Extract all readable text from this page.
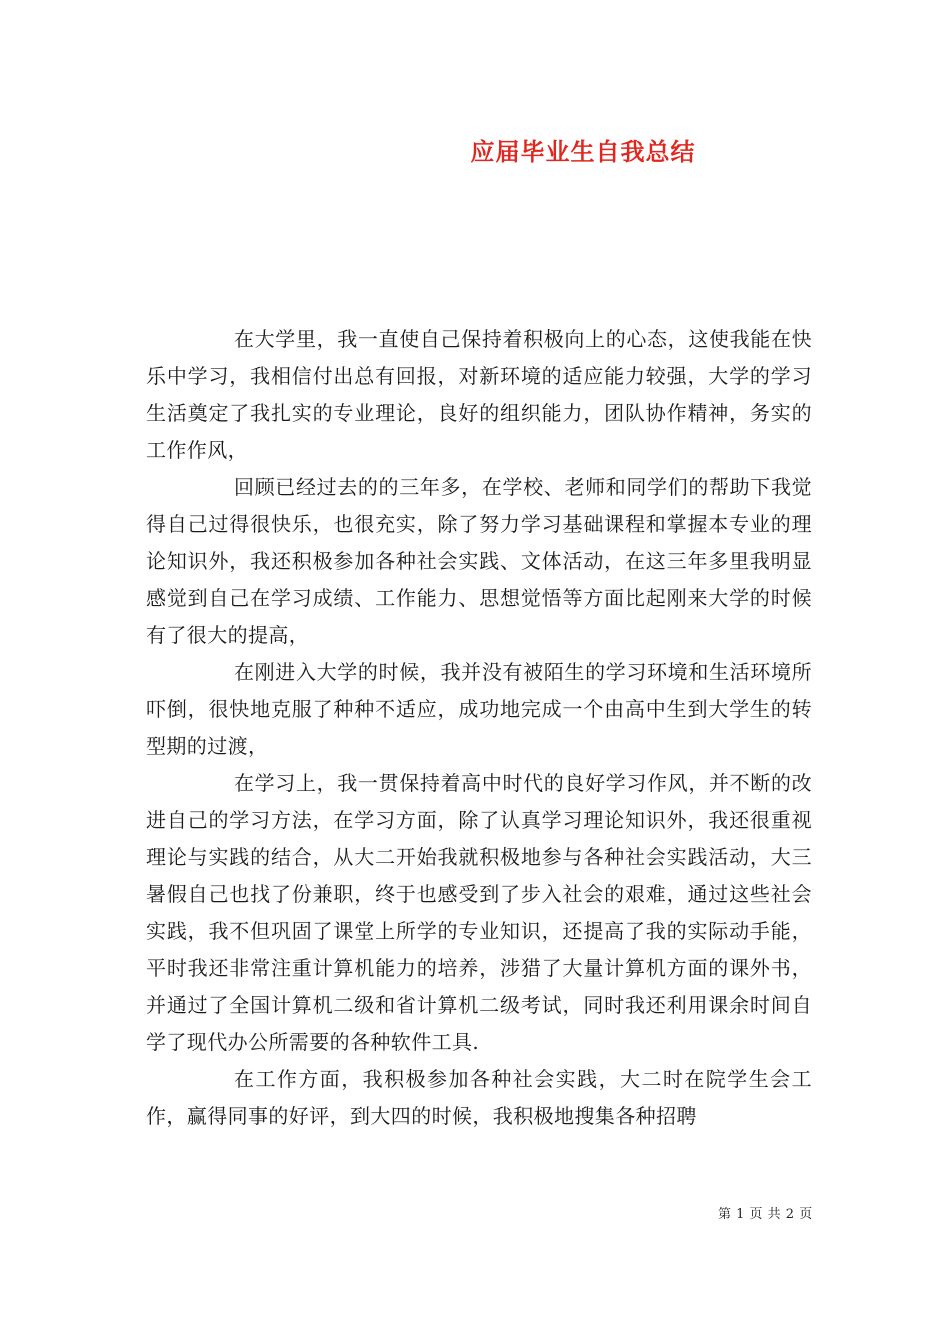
应届毕业生自我总结

在大学里，我一直使自己保持着积极向上的心态，这使我能在快乐中学习，我相信付出总有回报，对新环境的适应能力较强，大学的学习生活奠定了我扎实的专业理论，良好的组织能力，团队协作精神，务实的工作作风，

回顾已经过去的的三年多，在学校、老师和同学们的帮助下我觉得自己过得很快乐，也很充实，除了努力学习基础课程和掌握本专业的理论知识外，我还积极参加各种社会实践、文体活动，在这三年多里我明显感觉到自己在学习成绩、工作能力、思想觉悟等方面比起刚来大学的时候有了很大的提高，

在刚进入大学的时候，我并没有被陌生的学习环境和生活环境所吓倒，很快地克服了种种不适应，成功地完成一个由高中生到大学生的转型期的过渡，

在学习上，我一贯保持着高中时代的良好学习作风，并不断的改进自己的学习方法，在学习方面，除了认真学习理论知识外，我还很重视理论与实践的结合，从大二开始我就积极地参与各种社会实践活动，大三暑假自己也找了份兼职，终于也感受到了步入社会的艰难，通过这些社会实践，我不但巩固了课堂上所学的专业知识，还提高了我的实际动手能，平时我还非常注重计算机能力的培养，涉猎了大量计算机方面的课外书，并通过了全国计算机二级和省计算机二级考试，同时我还利用课余时间自学了现代办公所需要的各种软件工具.

在工作方面，我积极参加各种社会实践，大二时在院学生会工作，赢得同事的好评，到大四的时候，我积极地搜集各种招聘

第 1 页 共 2 页
